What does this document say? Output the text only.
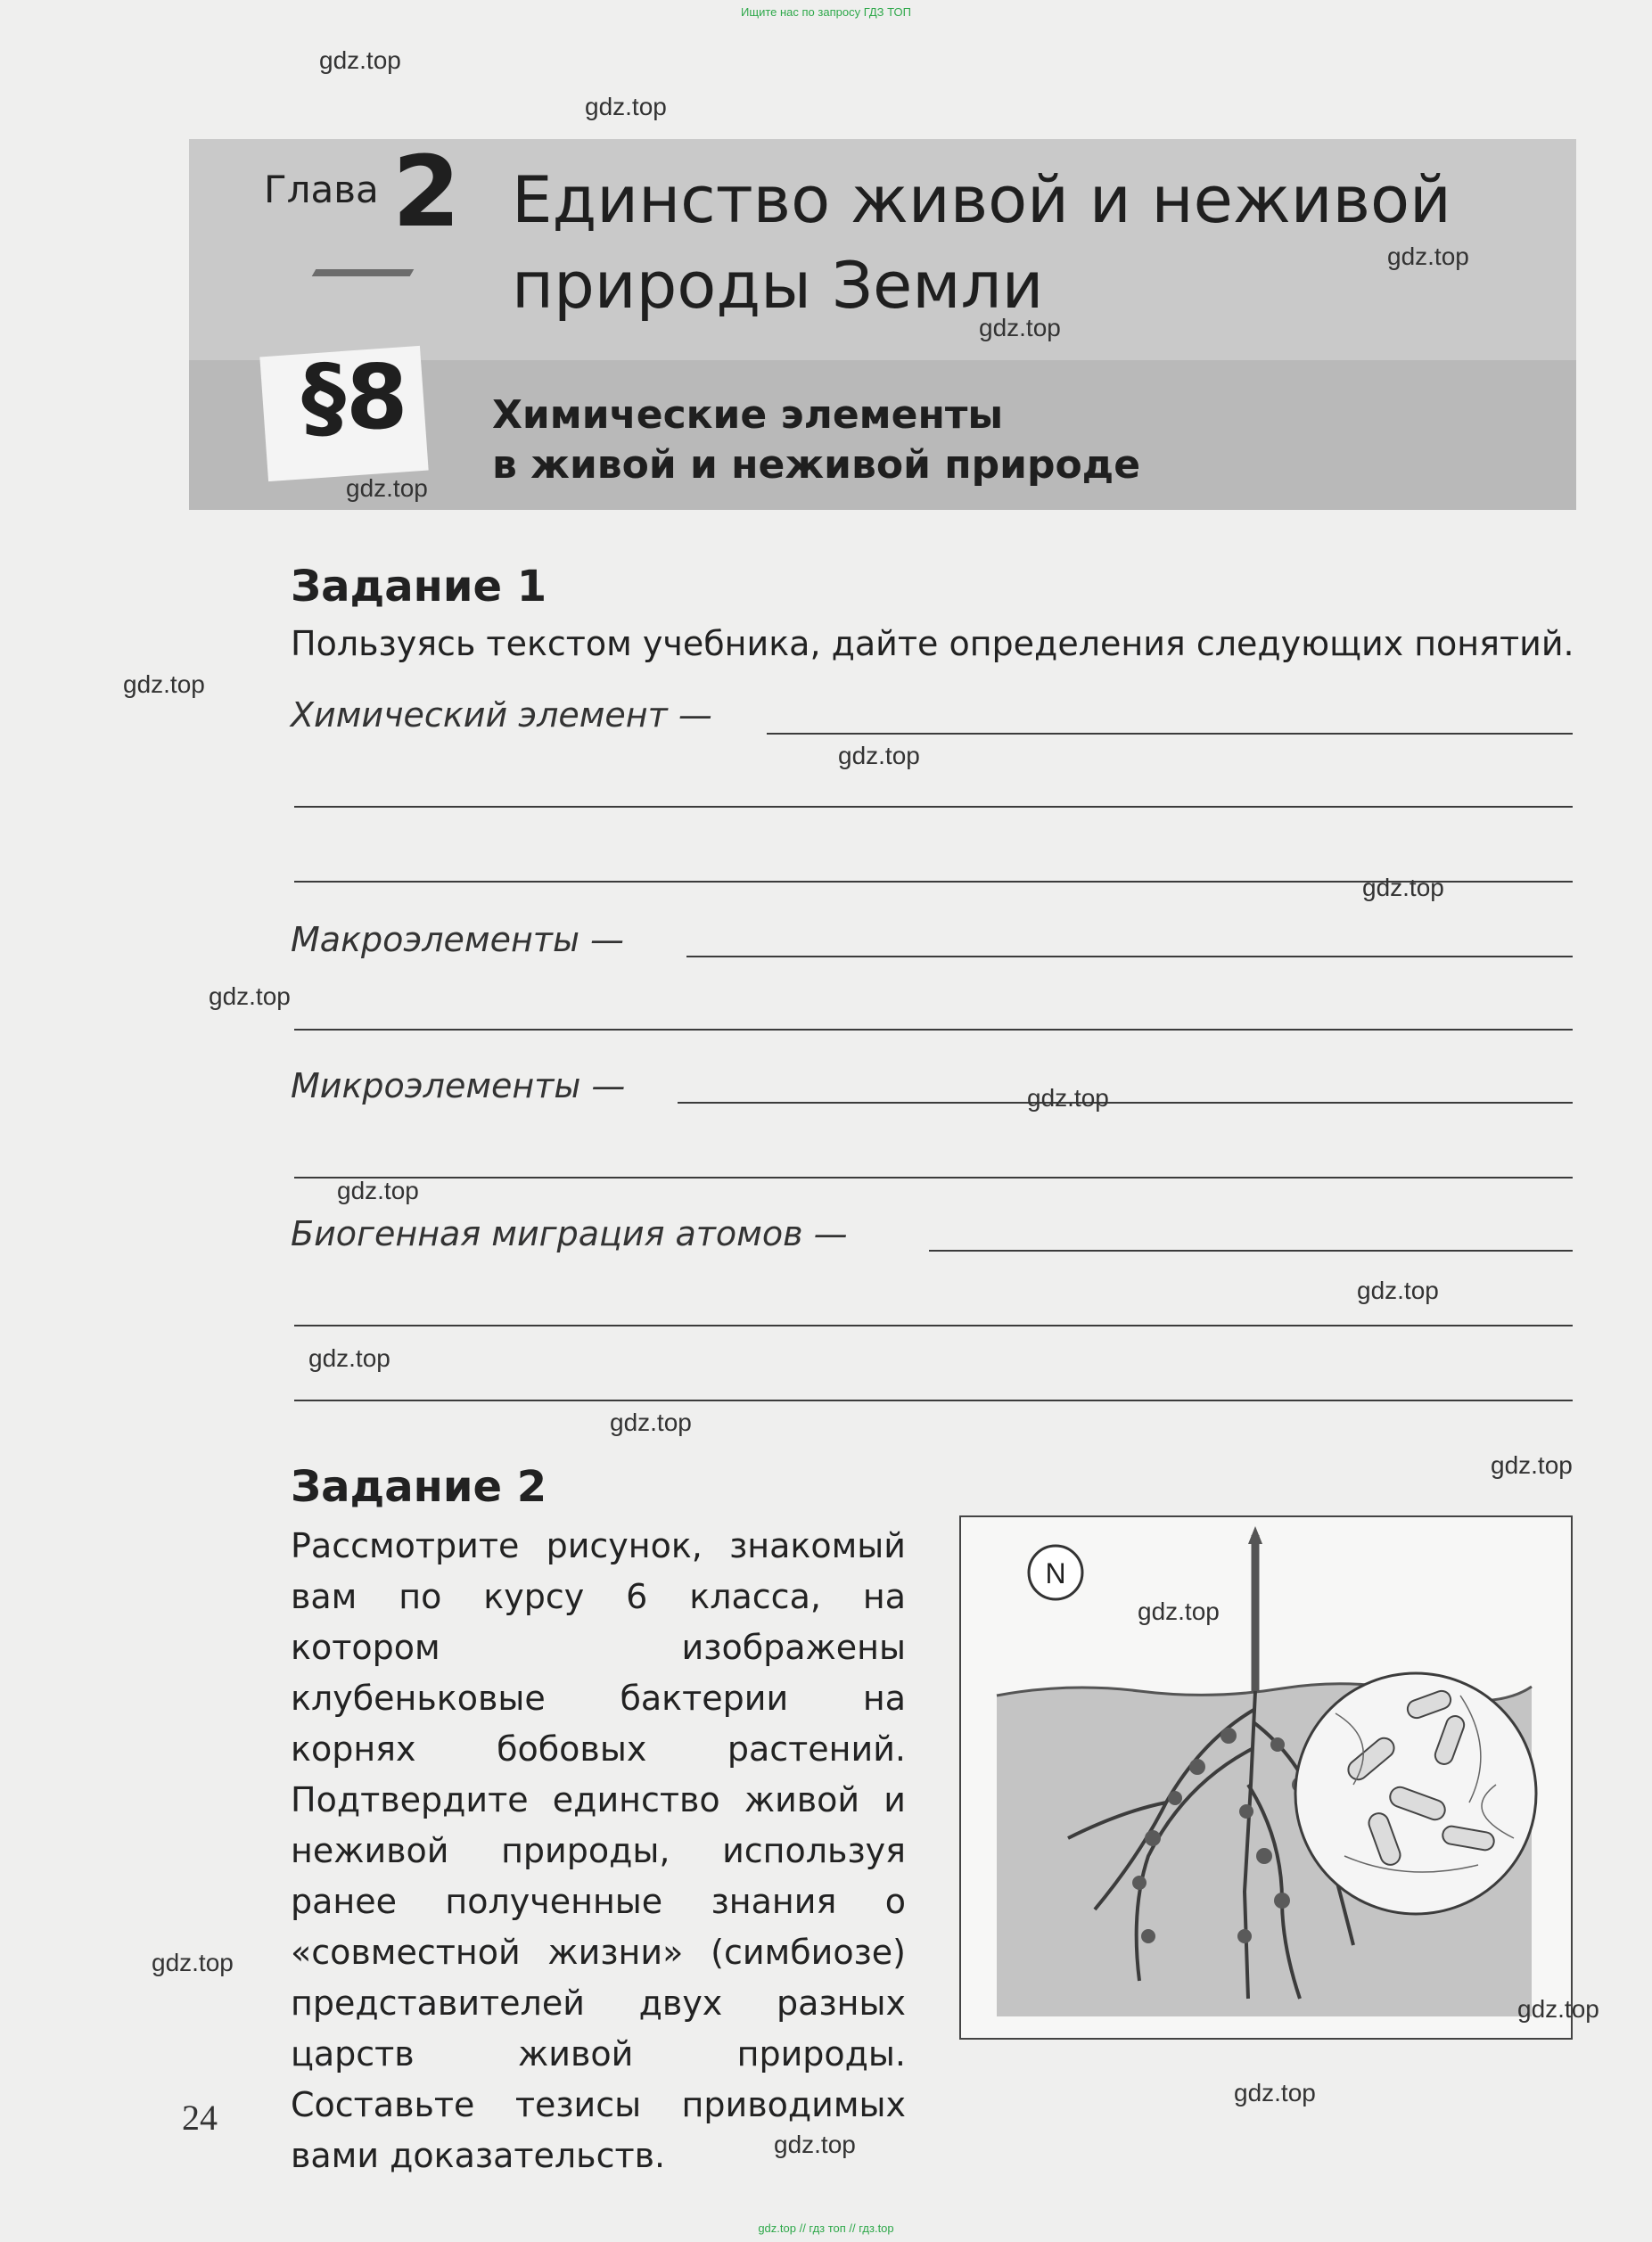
Ищите нас по запросу ГДЗ ТОП
Глава 2 Единство живой и неживой
природы Земли
§8 Химические элементы
в живой и неживой природе
Задание 1
Пользуясь текстом учебника, дайте определения следующих понятий.
Химический элемент —
Макроэлементы —
Микроэлементы —
Биогенная миграция атомов —
Задание 2
Рассмотрите рисунок, знакомый вам по курсу 6 класса, на котором изображены клубеньковые бактерии на корнях бобовых растений. Подтвердите единство живой и неживой природы, используя ранее полученные знания о «совместной жизни» (симбиозе) представителей двух разных царств живой природы. Составьте тезисы приводимых вами доказательств.
N
24
gdz.top
gdz.top
gdz.top
gdz.top
gdz.top
gdz.top
gdz.top
gdz.top
gdz.top
gdz.top
gdz.top
gdz.top
gdz.top
gdz.top
gdz.top
gdz.top
gdz.top
gdz.top
gdz.top
gdz.top
gdz.top // гдз топ // гдз.top
